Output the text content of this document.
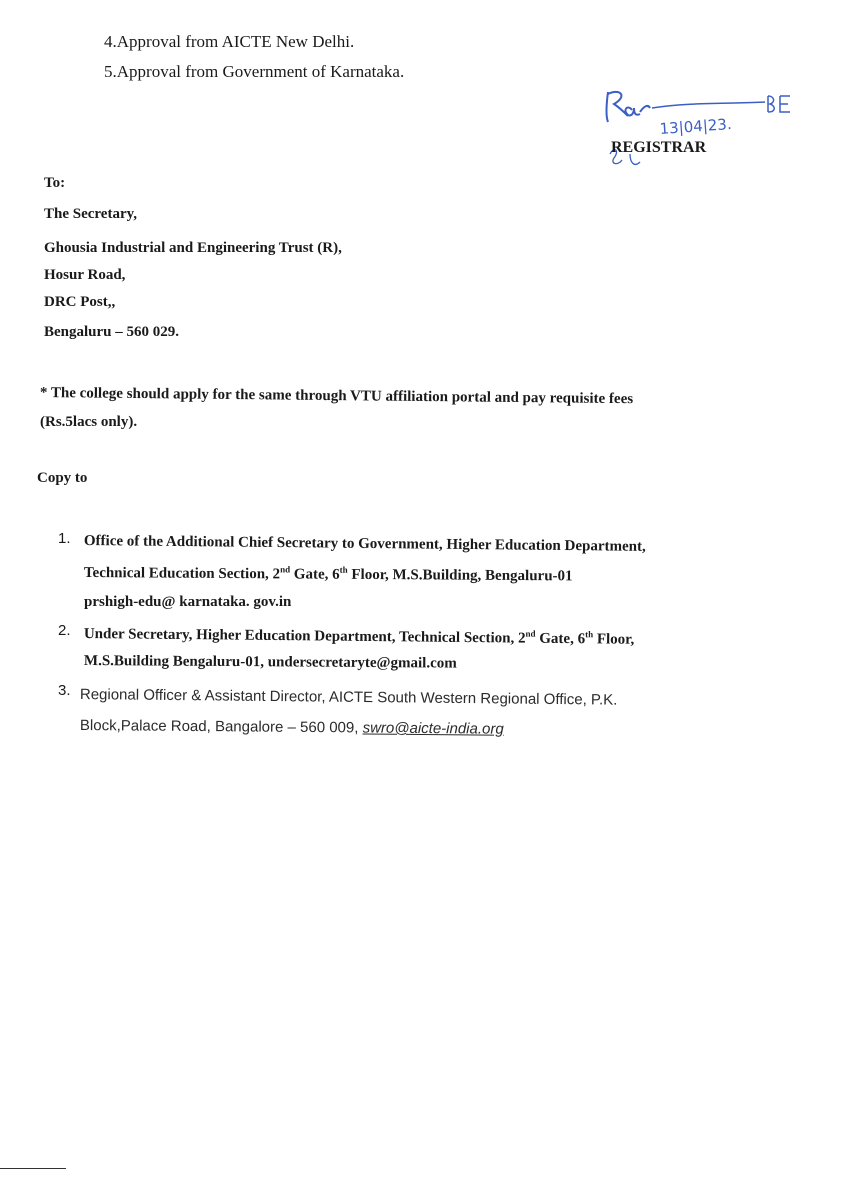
4.Approval from AICTE New Delhi.
5.Approval from Government of Karnataka.
13|04|23.
REGISTRAR
To:
The Secretary,
Ghousia Industrial and Engineering Trust (R),
Hosur Road,
DRC Post,,
Bengaluru – 560 029.
* The college should apply for the same through VTU affiliation portal and pay requisite fees
(Rs.5lacs only).
Copy to
1. Office of the Additional Chief Secretary to Government, Higher Education Department,
Technical Education Section, 2nd Gate, 6th Floor, M.S.Building, Bengaluru-01
prshigh-edu@ karnataka. gov.in
2. Under Secretary, Higher Education Department, Technical Section, 2nd Gate, 6th Floor,
M.S.Building Bengaluru-01, undersecretaryte@gmail.com
3. Regional Officer & Assistant Director, AICTE South Western Regional Office, P.K.
Block,Palace Road, Bangalore – 560 009, swro@aicte-india.org
